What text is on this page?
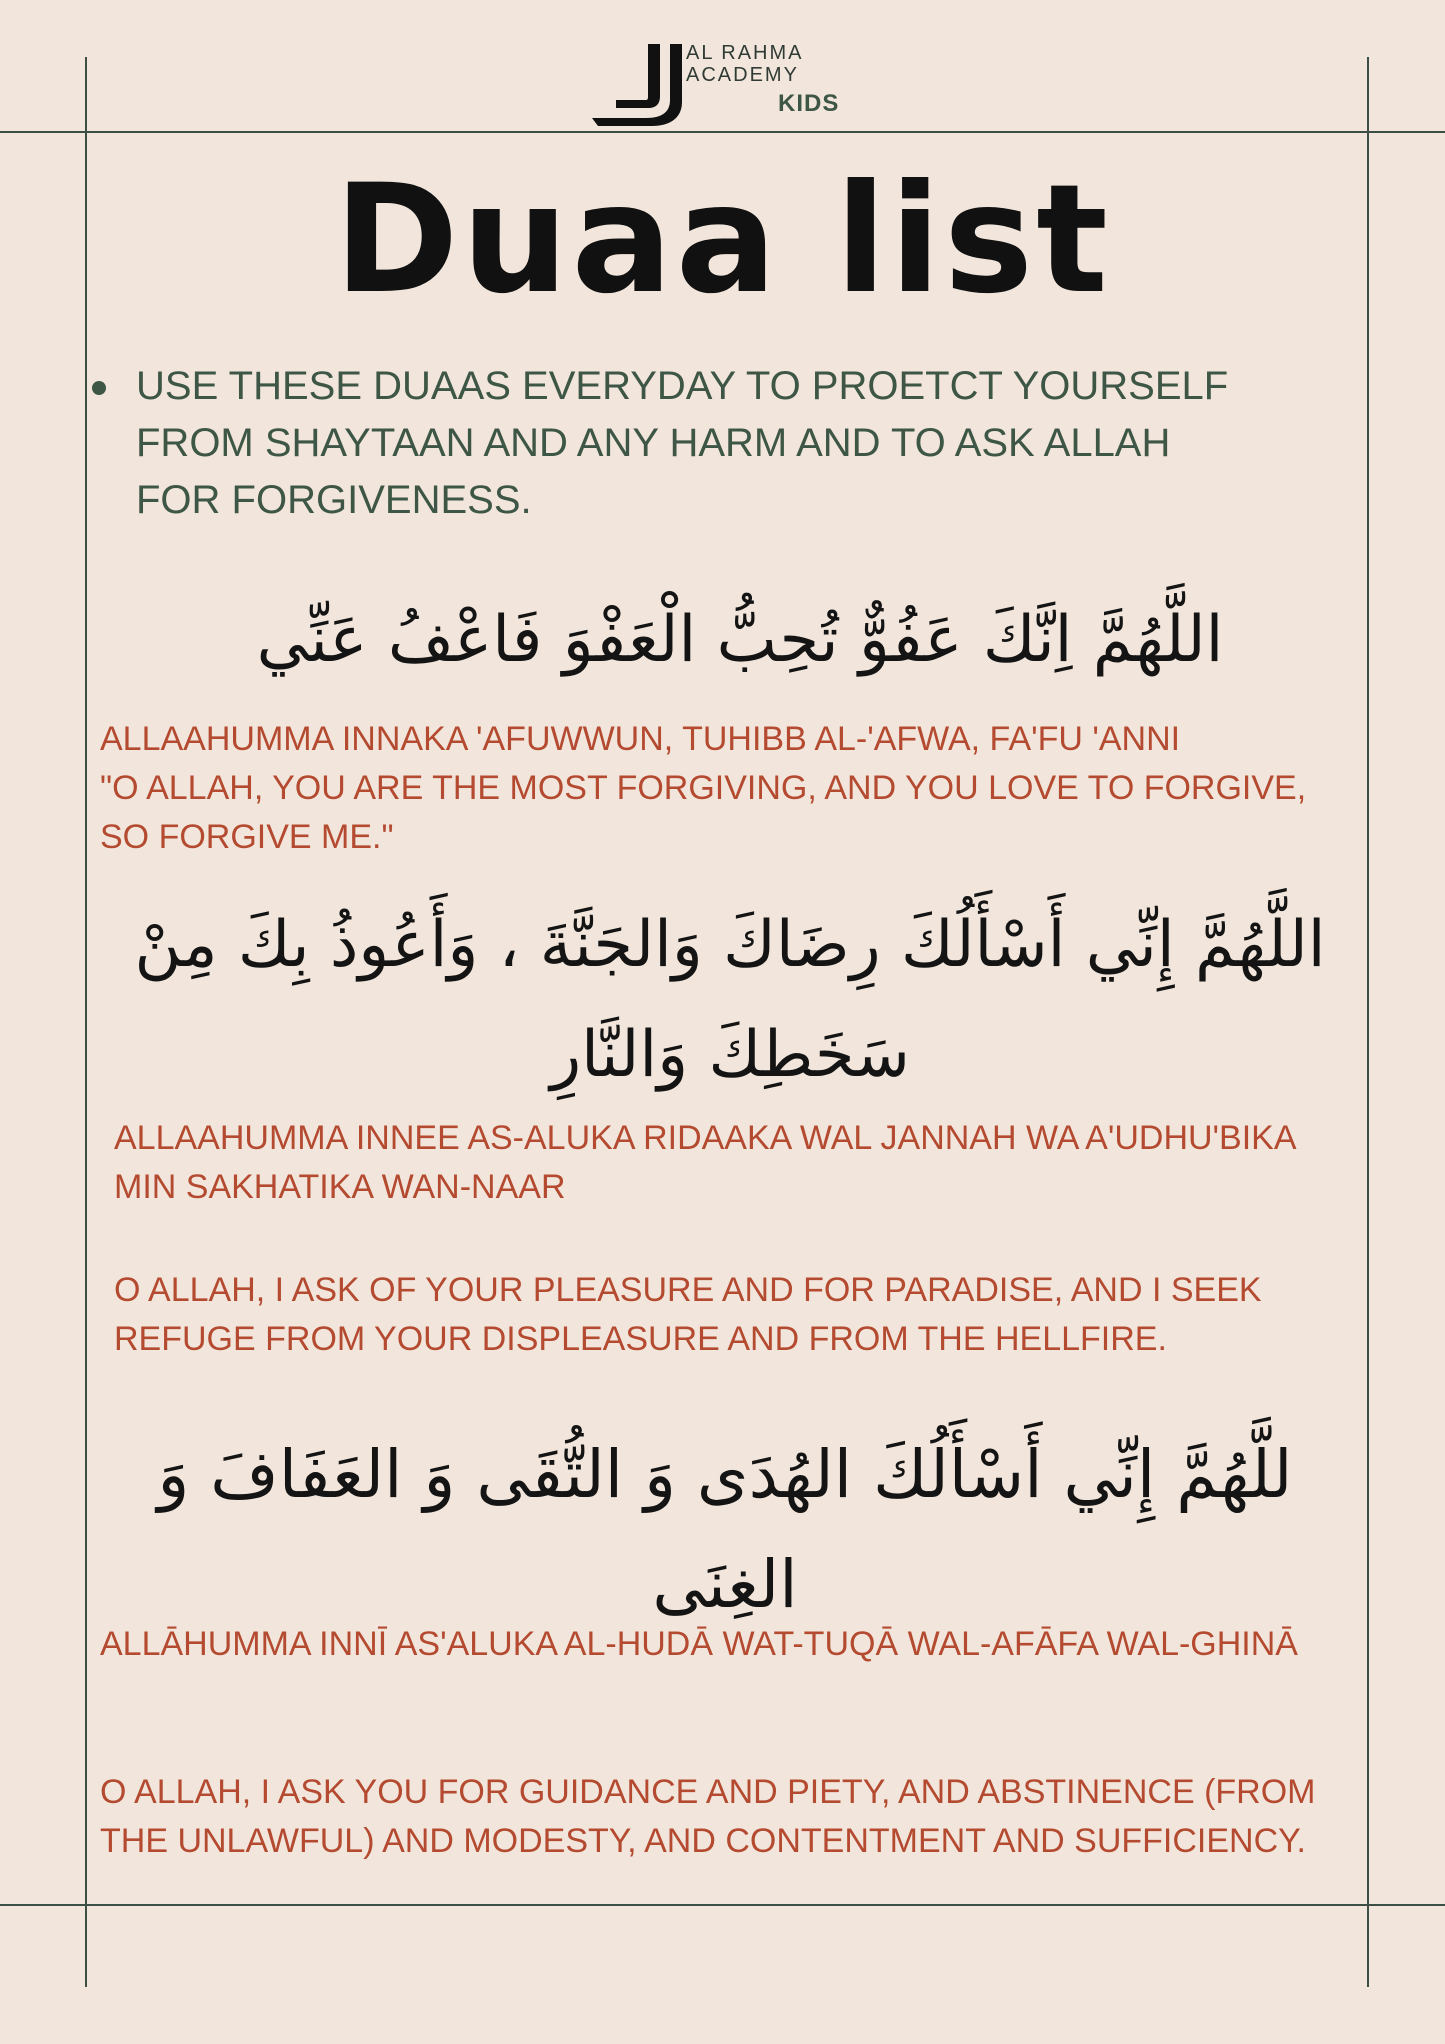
AL RAHMA
ACADEMY
KIDS
Duaa list
USE THESE DUAAS EVERYDAY TO PROETCT YOURSELF FROM SHAYTAAN AND ANY HARM AND TO ASK ALLAH FOR FORGIVENESS.
اللَّهُمَّ اِنَّكَ عَفُوٌّ تُحِبُّ الْعَفْوَ فَاعْفُ عَنِّي
ALLAAHUMMA INNAKA 'AFUWWUN, TUHIBB AL-'AFWA, FA'FU 'ANNI
"O ALLAH, YOU ARE THE MOST FORGIVING, AND YOU LOVE TO FORGIVE, SO FORGIVE ME."
اللَّهُمَّ إِنِّي أَسْأَلُكَ رِضَاكَ وَالجَنَّةَ ، وَأَعُوذُ بِكَ مِنْ سَخَطِكَ وَالنَّارِ
ALLAAHUMMA INNEE AS-ALUKA RIDAAKA WAL JANNAH WA A'UDHU'BIKA MIN SAKHATIKA WAN-NAAR
O ALLAH, I ASK OF YOUR PLEASURE AND FOR PARADISE, AND I SEEK REFUGE FROM YOUR DISPLEASURE AND FROM THE HELLFIRE.
للَّهُمَّ إِنِّي أَسْأَلُكَ الهُدَى وَ التُّقَى وَ العَفَافَ وَ الغِنَى
ALLĀHUMMA INNĪ AS'ALUKA AL-HUDĀ WAT-TUQĀ WAL-AFĀFA WAL-GHINĀ
O ALLAH, I ASK YOU FOR GUIDANCE AND PIETY, AND ABSTINENCE (FROM THE UNLAWFUL) AND MODESTY, AND CONTENTMENT AND SUFFICIENCY.
